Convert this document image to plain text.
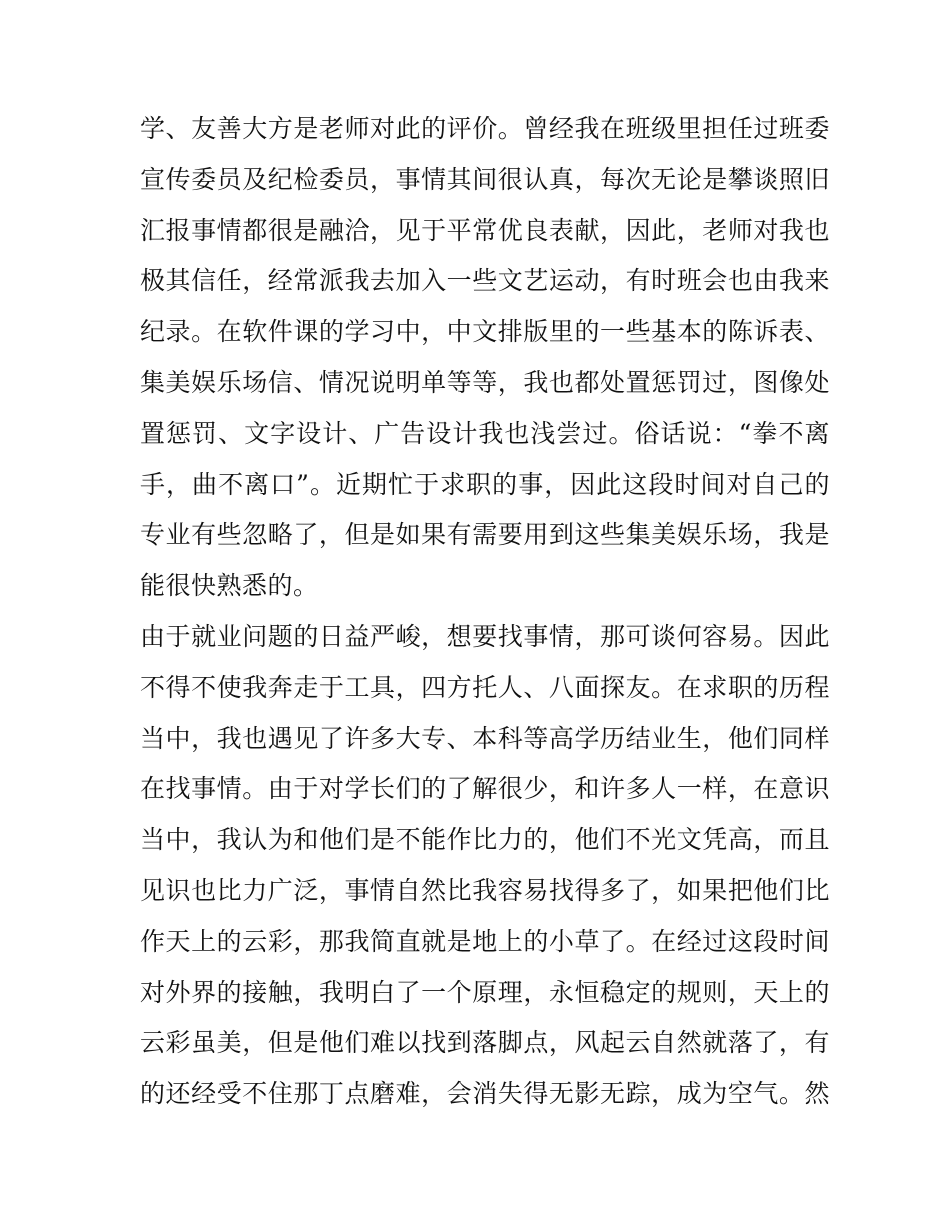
学、友善大方是老师对此的评价。曾经我在班级里担任过班委
宣传委员及纪检委员，事情其间很认真，每次无论是攀谈照旧
汇报事情都很是融洽，见于平常优良表献，因此，老师对我也
极其信任，经常派我去加入一些文艺运动，有时班会也由我来
纪录。在软件课的学习中，中文排版里的一些基本的陈诉表、
集美娱乐场信、情况说明单等等，我也都处置惩罚过，图像处
置惩罚、文字设计、广告设计我也浅尝过。俗话说：“拳不离
手，曲不离口”。近期忙于求职的事，因此这段时间对自己的
专业有些忽略了，但是如果有需要用到这些集美娱乐场，我是
能很快熟悉的。
由于就业问题的日益严峻，想要找事情，那可谈何容易。因此
不得不使我奔走于工具，四方托人、八面探友。在求职的历程
当中，我也遇见了许多大专、本科等高学历结业生，他们同样
在找事情。由于对学长们的了解很少，和许多人一样，在意识
当中，我认为和他们是不能作比力的，他们不光文凭高，而且
见识也比力广泛，事情自然比我容易找得多了，如果把他们比
作天上的云彩，那我简直就是地上的小草了。在经过这段时间
对外界的接触，我明白了一个原理，永恒稳定的规则，天上的
云彩虽美，但是他们难以找到落脚点，风起云自然就落了，有
的还经受不住那丁点磨难，会消失得无影无踪，成为空气。然
